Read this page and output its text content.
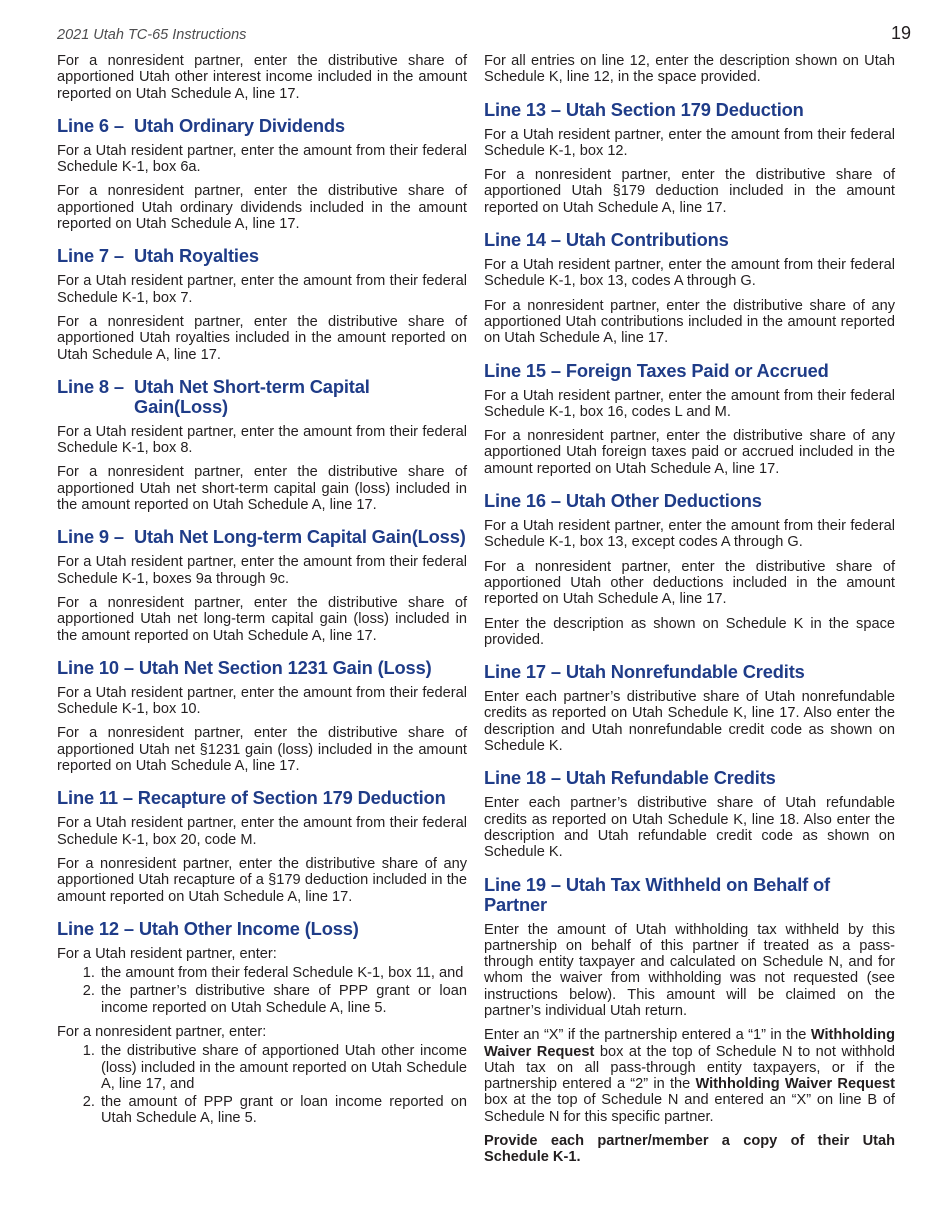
2021 Utah TC-65 Instructions	19

For a nonresident partner, enter the distributive share of apportioned Utah other interest income included in the amount reported on Utah Schedule A, line 17.

Line 6 – Utah Ordinary Dividends

For a Utah resident partner, enter the amount from their federal Schedule K-1, box 6a.

For a nonresident partner, enter the distributive share of apportioned Utah ordinary dividends included in the amount reported on Utah Schedule A, line 17.

Line 7 – Utah Royalties

For a Utah resident partner, enter the amount from their federal Schedule K-1, box 7.

For a nonresident partner, enter the distributive share of apportioned Utah royalties included in the amount reported on Utah Schedule A, line 17.

Line 8 – Utah Net Short-term Capital Gain(Loss)

For a Utah resident partner, enter the amount from their federal Schedule K-1, box 8.

For a nonresident partner, enter the distributive share of apportioned Utah net short-term capital gain (loss) included in the amount reported on Utah Schedule A, line 17.

Line 9 – Utah Net Long-term Capital Gain(Loss)

For a Utah resident partner, enter the amount from their federal Schedule K-1, boxes 9a through 9c.

For a nonresident partner, enter the distributive share of apportioned Utah net long-term capital gain (loss) included in the amount reported on Utah Schedule A, line 17.

Line 10 – Utah Net Section 1231 Gain (Loss)

For a Utah resident partner, enter the amount from their federal Schedule K-1, box 10.

For a nonresident partner, enter the distributive share of apportioned Utah net §1231 gain (loss) included in the amount reported on Utah Schedule A, line 17.

Line 11 – Recapture of Section 179 Deduction

For a Utah resident partner, enter the amount from their federal Schedule K-1, box 20, code M.

For a nonresident partner, enter the distributive share of any apportioned Utah recapture of a §179 deduction included in the amount reported on Utah Schedule A, line 17.

Line 12 – Utah Other Income (Loss)

For a Utah resident partner, enter:

1. the amount from their federal Schedule K-1, box 11, and
2. the partner’s distributive share of PPP grant or loan income reported on Utah Schedule A, line 5.

For a nonresident partner, enter:

1. the distributive share of apportioned Utah other income (loss) included in the amount reported on Utah Schedule A, line 17, and
2. the amount of PPP grant or loan income reported on Utah Schedule A, line 5.

For all entries on line 12, enter the description shown on Utah Schedule K, line 12, in the space provided.

Line 13 – Utah Section 179 Deduction

For a Utah resident partner, enter the amount from their federal Schedule K-1, box 12.

For a nonresident partner, enter the distributive share of apportioned Utah §179 deduction included in the amount reported on Utah Schedule A, line 17.

Line 14 – Utah Contributions

For a Utah resident partner, enter the amount from their federal Schedule K-1, box 13, codes A through G.

For a nonresident partner, enter the distributive share of any apportioned Utah contributions included in the amount reported on Utah Schedule A, line 17.

Line 15 – Foreign Taxes Paid or Accrued

For a Utah resident partner, enter the amount from their federal Schedule K-1, box 16, codes L and M.

For a nonresident partner, enter the distributive share of any apportioned Utah foreign taxes paid or accrued included in the amount reported on Utah Schedule A, line 17.

Line 16 – Utah Other Deductions

For a Utah resident partner, enter the amount from their federal Schedule K-1, box 13, except codes A through G.

For a nonresident partner, enter the distributive share of apportioned Utah other deductions included in the amount reported on Utah Schedule A, line 17.

Enter the description as shown on Schedule K in the space provided.

Line 17 – Utah Nonrefundable Credits

Enter each partner’s distributive share of Utah nonrefundable credits as reported on Utah Schedule K, line 17. Also enter the description and Utah nonrefundable credit code as shown on Schedule K.

Line 18 – Utah Refundable Credits

Enter each partner’s distributive share of Utah refundable credits as reported on Utah Schedule K, line 18. Also enter the description and Utah refundable credit code as shown on Schedule K.

Line 19 – Utah Tax Withheld on Behalf of Partner

Enter the amount of Utah withholding tax withheld by this partnership on behalf of this partner if treated as a pass-through entity taxpayer and calculated on Schedule N, and for whom the waiver from withholding was not requested (see instructions below). This amount will be claimed on the partner’s individual Utah return.

Enter an “X” if the partnership entered a “1” in the Withholding Waiver Request box at the top of Schedule N to not withhold Utah tax on all pass-through entity taxpayers, or if the partnership entered a “2” in the Withholding Waiver Request box at the top of Schedule N and entered an “X” on line B of Schedule N for this specific partner.

Provide each partner/member a copy of their Utah Schedule K-1.
